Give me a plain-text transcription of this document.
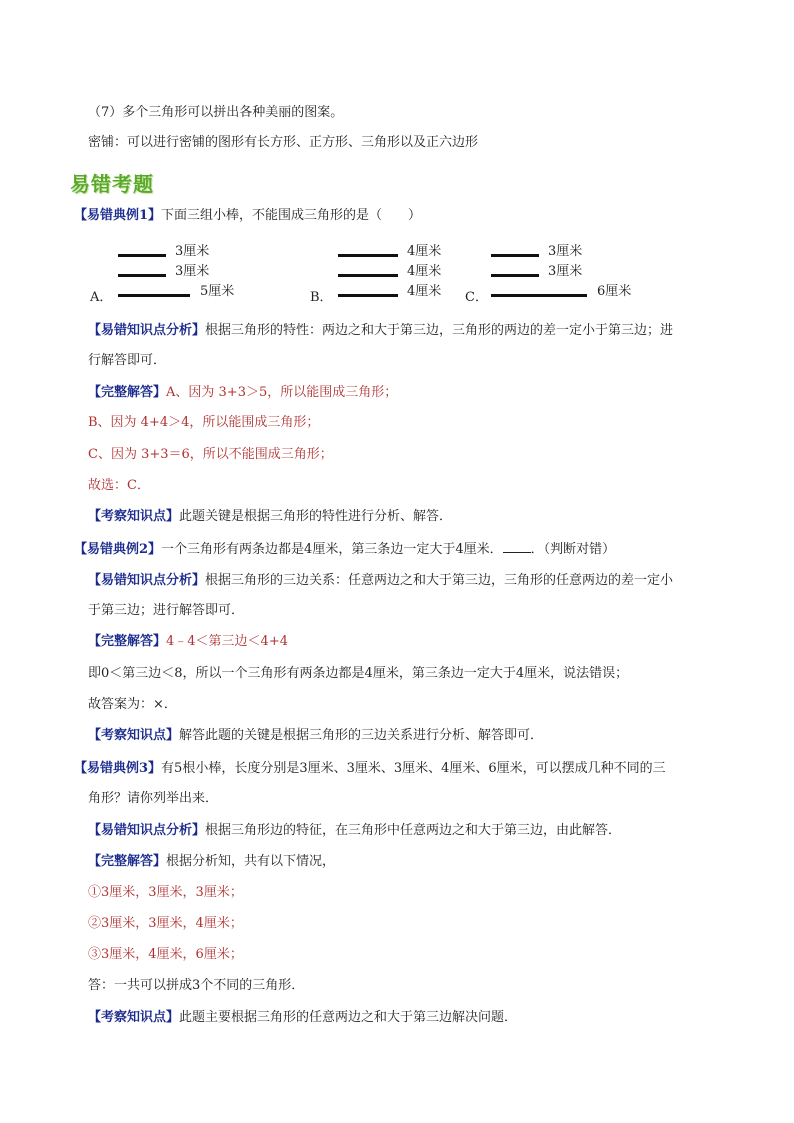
（7）多个三角形可以拼出各种美丽的图案。
密铺：可以进行密铺的图形有长方形、正方形、三角形以及正六边形
易错考题
【易错典例1】下面三组小棒，不能围成三角形的是（　　）
3厘米
3厘米
A．	5厘米
4厘米
4厘米
B．	4厘米
3厘米
3厘米
C．	6厘米
【易错知识点分析】根据三角形的特性：两边之和大于第三边，三角形的两边的差一定小于第三边；进
行解答即可．
【完整解答】A、因为 3+3＞5，所以能围成三角形；
B、因为 4+4＞4，所以能围成三角形；
C、因为 3+3＝6，所以不能围成三角形；
故选：C．
【考察知识点】此题关键是根据三角形的特性进行分析、解答．
【易错典例2】一个三角形有两条边都是4厘米，第三条边一定大于4厘米． ．（判断对错）
【易错知识点分析】根据三角形的三边关系：任意两边之和大于第三边，三角形的任意两边的差一定小
于第三边；进行解答即可．
【完整解答】4﹣4＜第三边＜4+4
即0＜第三边＜8，所以一个三角形有两条边都是4厘米，第三条边一定大于4厘米，说法错误；
故答案为：×．
【考察知识点】解答此题的关键是根据三角形的三边关系进行分析、解答即可．
【易错典例3】有5根小棒，长度分别是3厘米、3厘米、3厘米、4厘米、6厘米，可以摆成几种不同的三
角形？请你列举出来．
【易错知识点分析】根据三角形边的特征，在三角形中任意两边之和大于第三边，由此解答．
【完整解答】根据分析知，共有以下情况，
①3厘米，3厘米，3厘米；
②3厘米，3厘米，4厘米；
③3厘米，4厘米，6厘米；
答：一共可以拼成3个不同的三角形．
【考察知识点】此题主要根据三角形的任意两边之和大于第三边解决问题．
